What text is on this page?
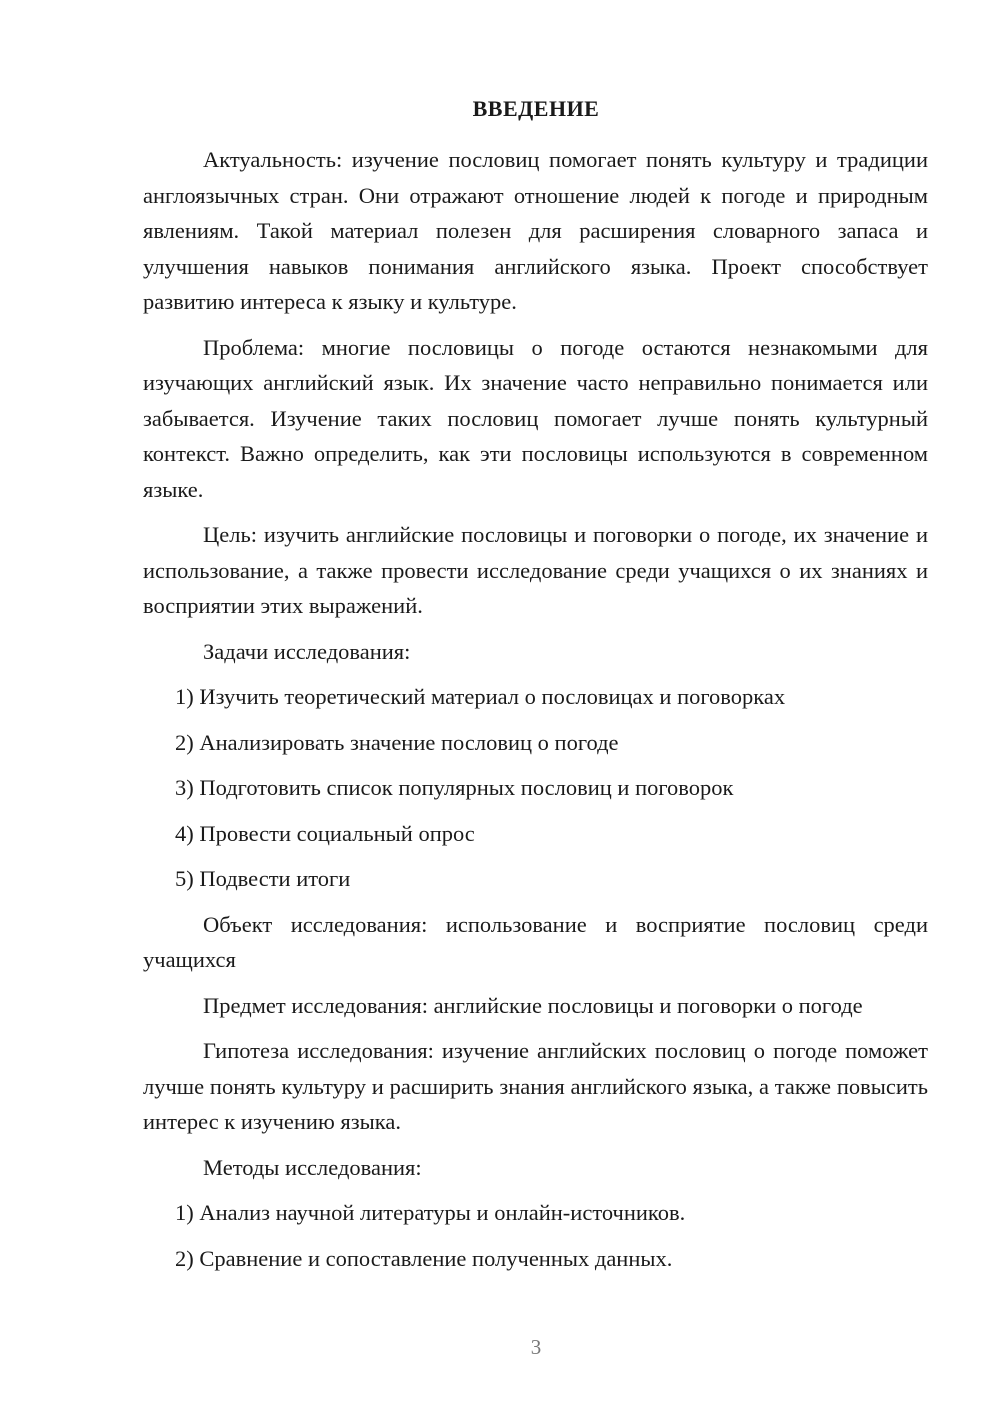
ВВЕДЕНИЕ

Актуальность: изучение пословиц помогает понять культуру и традиции англоязычных стран. Они отражают отношение людей к погоде и природным явлениям. Такой материал полезен для расширения словарного запаса и улучшения навыков понимания английского языка. Проект способствует развитию интереса к языку и культуре.

Проблема: многие пословицы о погоде остаются незнакомыми для изучающих английский язык. Их значение часто неправильно понимается или забывается. Изучение таких пословиц помогает лучше понять культурный контекст. Важно определить, как эти пословицы используются в современном языке.

Цель: изучить английские пословицы и поговорки о погоде, их значение и использование, а также провести исследование среди учащихся о их знаниях и восприятии этих выражений.

Задачи исследования:

1) Изучить теоретический материал о пословицах и поговорках

2) Анализировать значение пословиц о погоде

3) Подготовить список популярных пословиц и поговорок

4) Провести социальный опрос

5) Подвести итоги

Объект исследования: использование и восприятие пословиц среди учащихся

Предмет исследования: английские пословицы и поговорки о погоде

Гипотеза исследования: изучение английских пословиц о погоде поможет лучше понять культуру и расширить знания английского языка, а также повысить интерес к изучению языка.

Методы исследования:

1) Анализ научной литературы и онлайн-источников.

2) Сравнение и сопоставление полученных данных.

3
